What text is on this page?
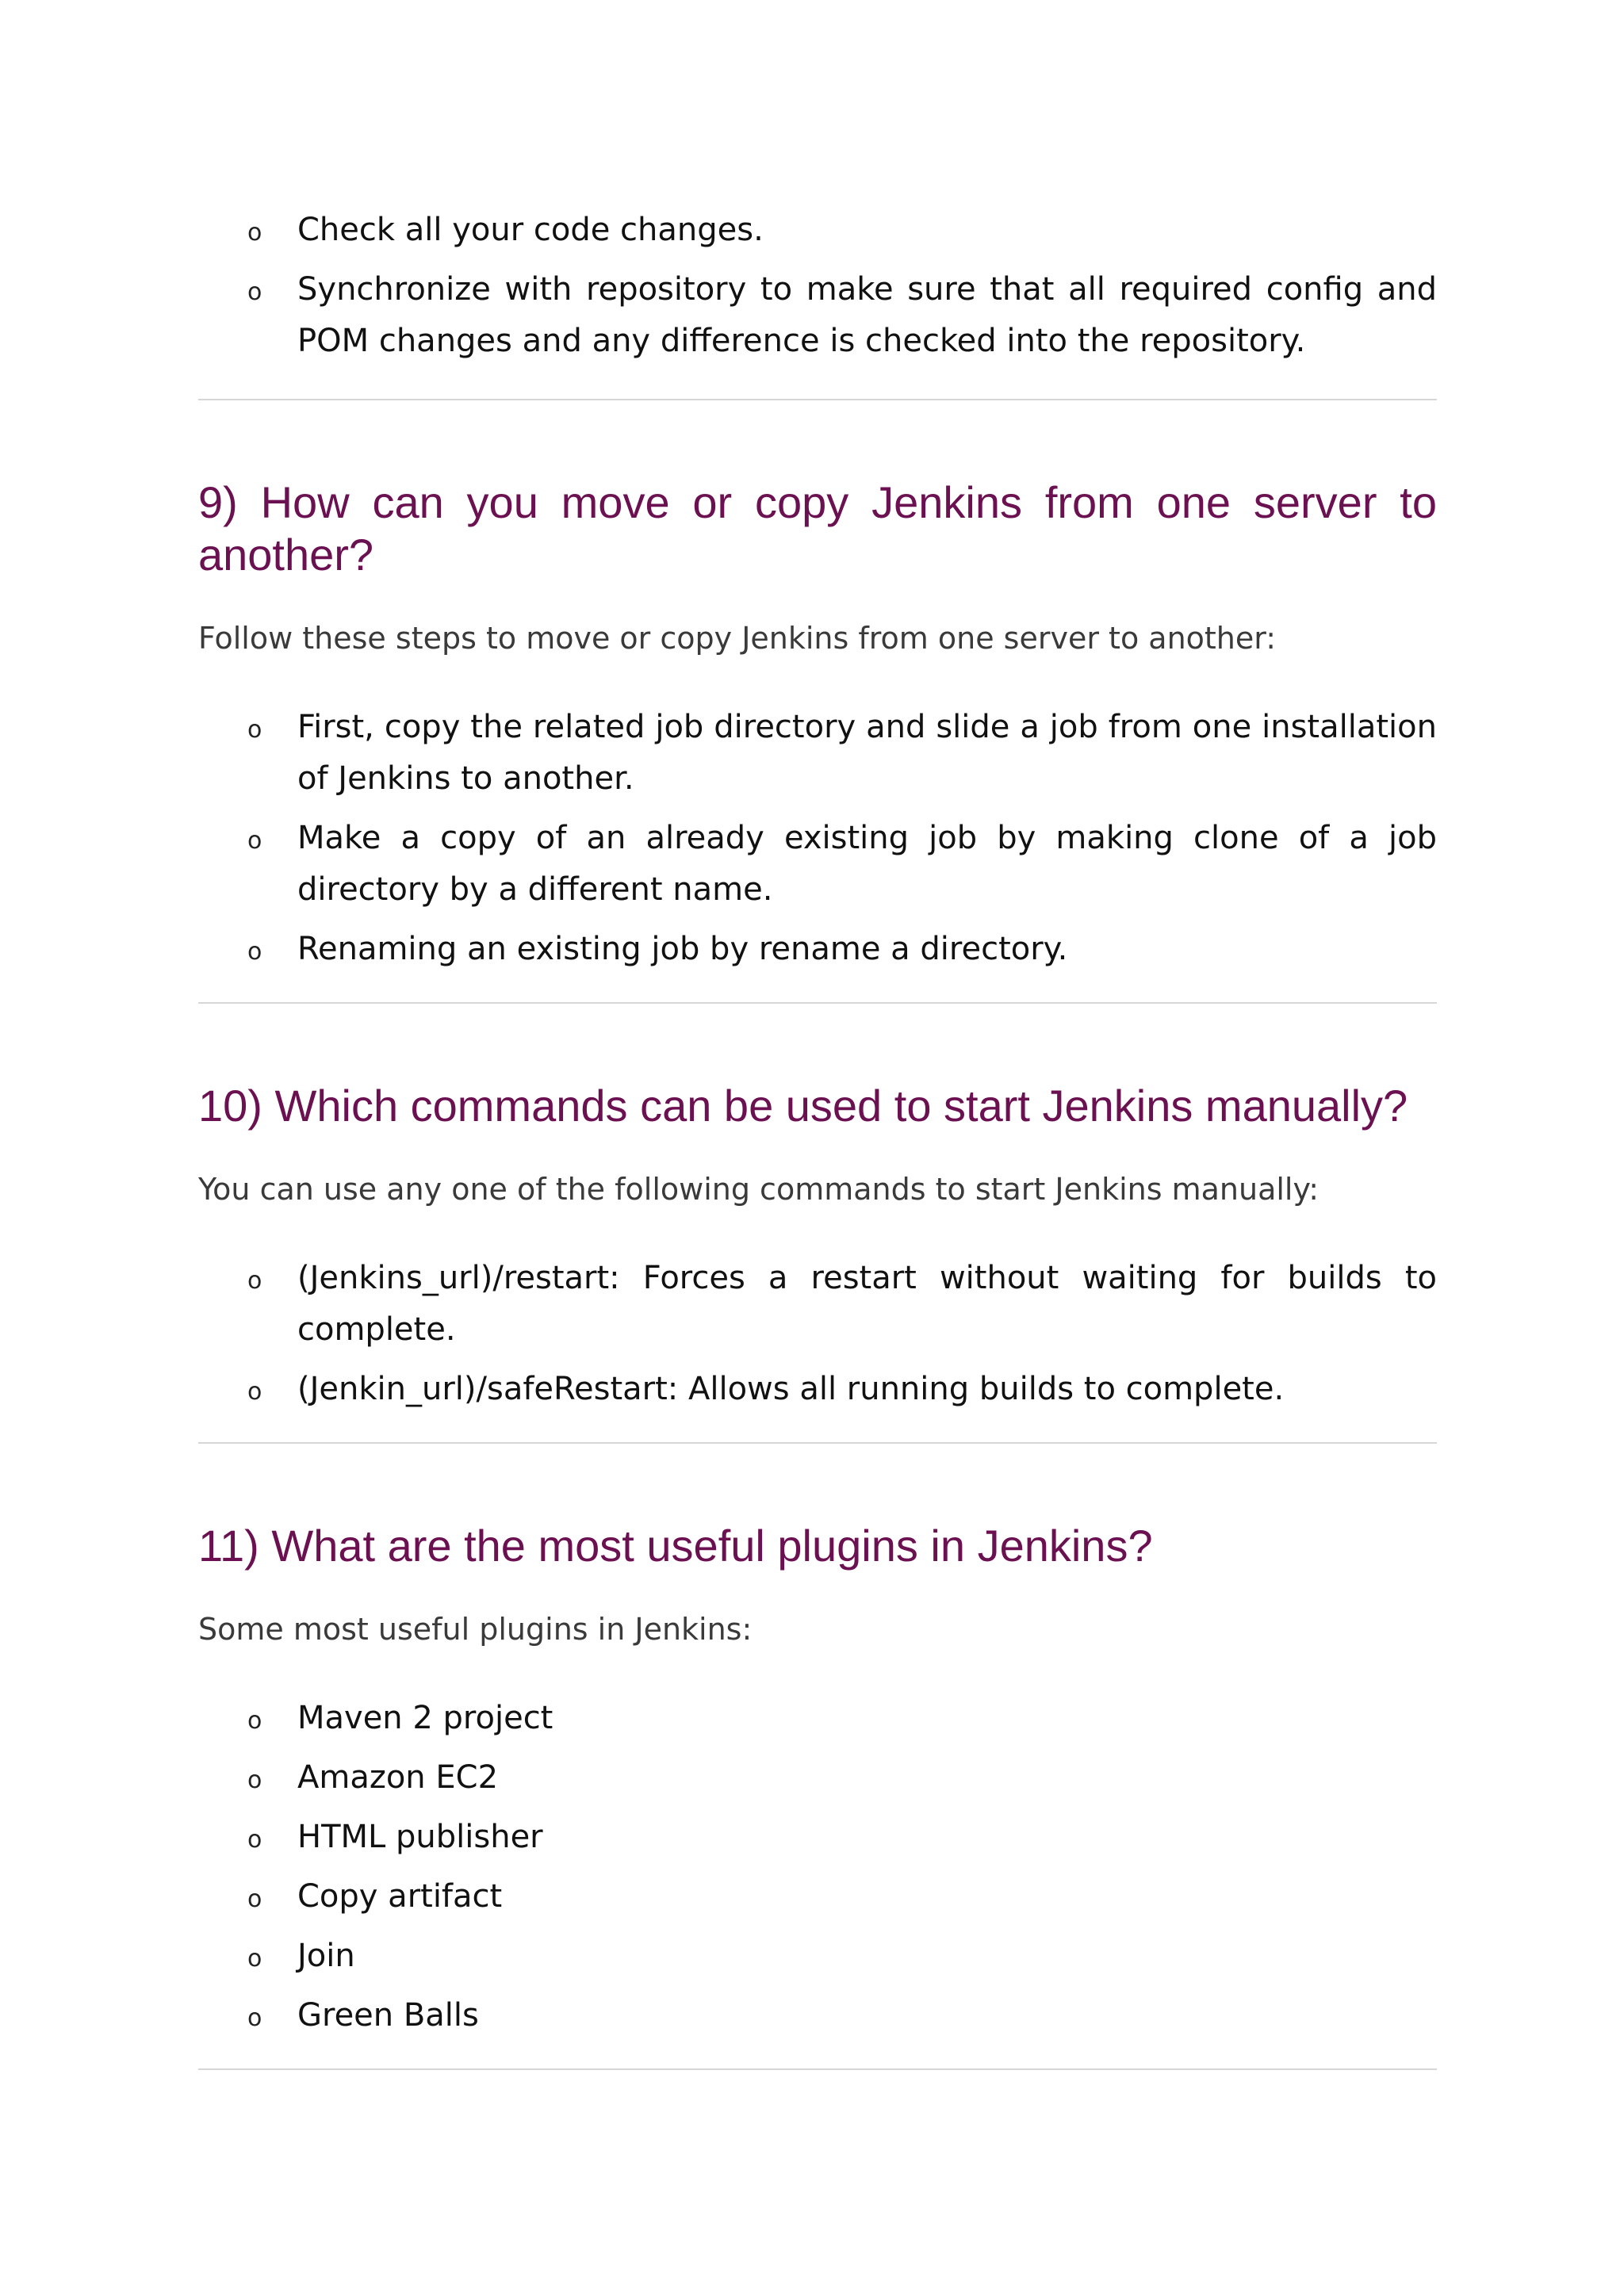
o Check all your code changes.
o Synchronize with repository to make sure that all required config and POM changes and any difference is checked into the repository.
9) How can you move or copy Jenkins from one server to another?

Follow these steps to move or copy Jenkins from one server to another:

o First, copy the related job directory and slide a job from one installation of Jenkins to another.
o Make a copy of an already existing job by making clone of a job directory by a different name.
o Renaming an existing job by rename a directory.
10) Which commands can be used to start Jenkins manually?

You can use any one of the following commands to start Jenkins manually:

o (Jenkins_url)/restart: Forces a restart without waiting for builds to complete.
o (Jenkin_url)/safeRestart: Allows all running builds to complete.
11) What are the most useful plugins in Jenkins?

Some most useful plugins in Jenkins:

o Maven 2 project
o Amazon EC2
o HTML publisher
o Copy artifact
o Join
o Green Balls
